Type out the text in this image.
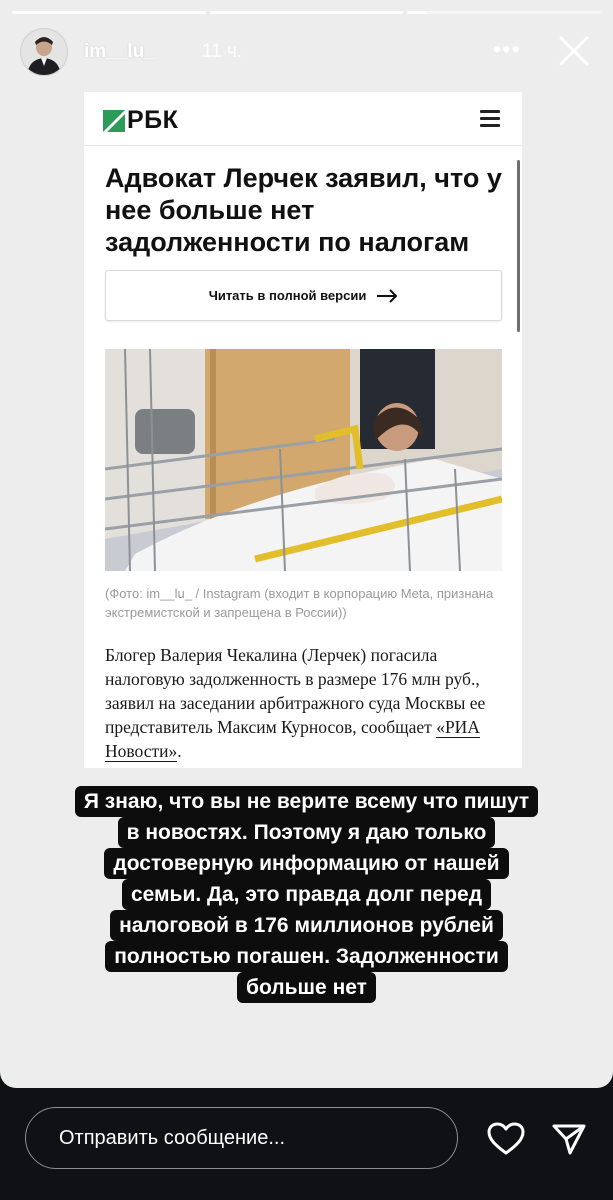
im__lu_ 11 ч.	•••
РБК
Адвокат Лерчек заявил, что у нее больше нет задолженности по налогам
Читать в полной версии
(Фото: im__lu_ / Instagram (входит в корпорацию Meta, признана экстремистской и запрещена в России))
Блогер Валерия Чекалина (Лерчек) погасила налоговую задолженность в размере 176 млн руб., заявил на заседании арбитражного суда Москвы ее представитель Максим Курносов, сообщает «РИА Новости».
Я знаю, что вы не верите всему что пишут
в новостях. Поэтому я даю только
достоверную информацию от нашей
семьи. Да, это правда долг перед
налоговой в 176 миллионов рублей
полностью погашен. Задолженности
больше нет
Отправить сообщение...
